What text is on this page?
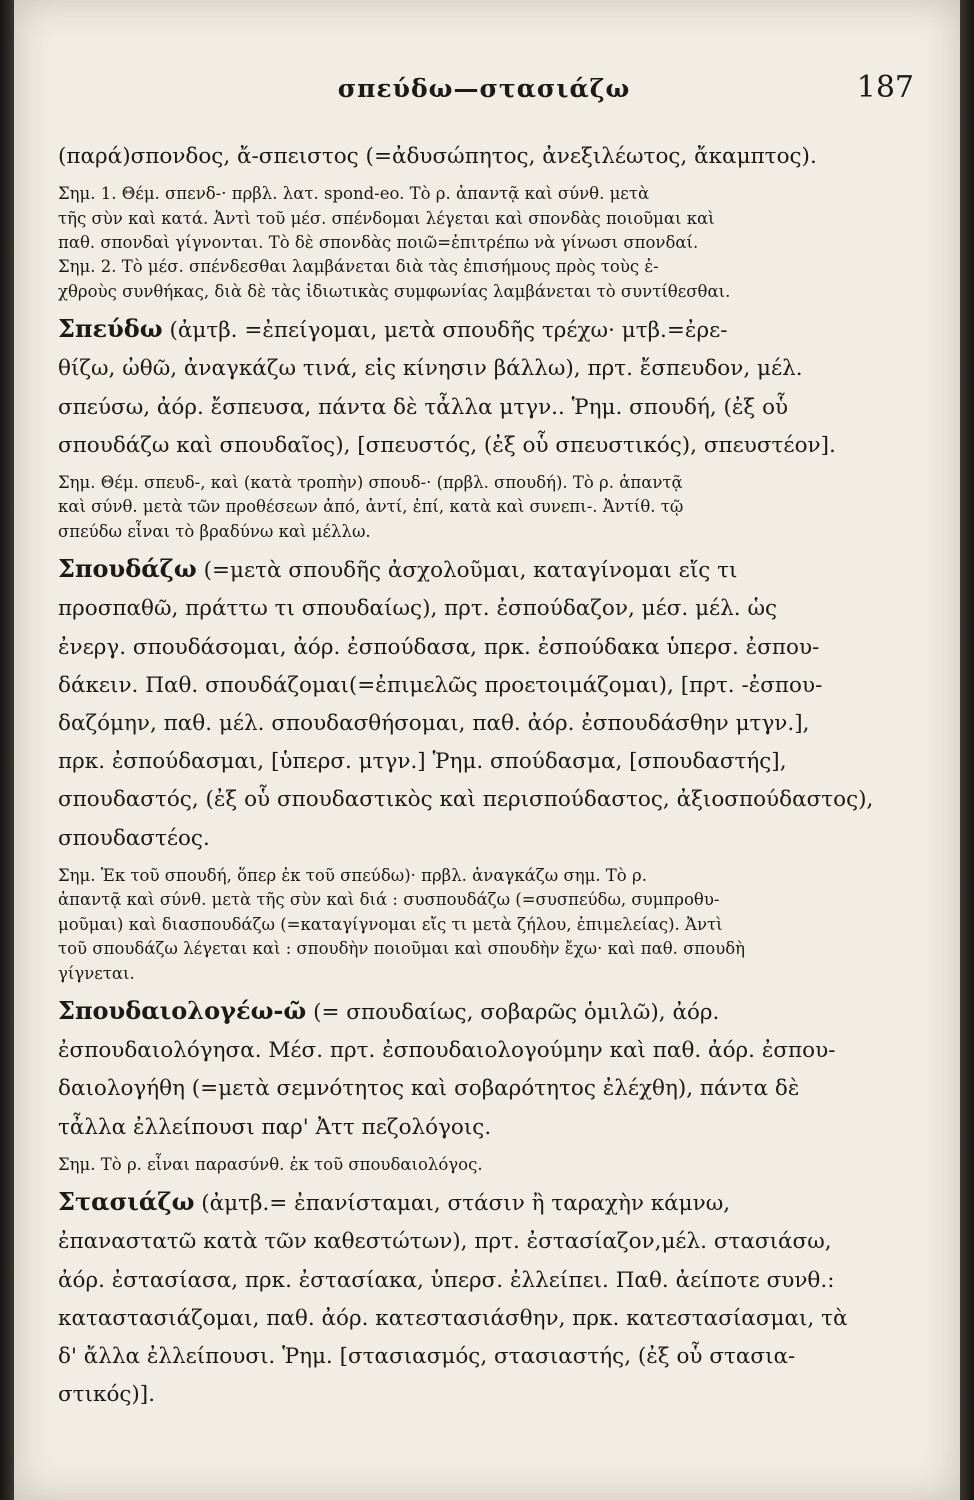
σπεύδω—στασιάζω	187
(παρά)σπονδος, ἄ-σπειστος (=ἀδυσώπητος, ἀνεξιλέωτος, ἄκαμπτος).
Σημ. 1. Θέμ. σπενδ-· πρβλ. λατ. spond-eo. Τὸ ρ. ἀπαντᾷ καὶ σύνθ. μετὰ
τῆς σὺν καὶ κατά. Ἀντὶ τοῦ μέσ. σπένδομαι λέγεται καὶ σπονδὰς ποιοῦμαι καὶ
παθ. σπονδαὶ γίγνονται. Τὸ δὲ σπονδὰς ποιῶ=ἐπιτρέπω νὰ γίνωσι σπονδαί.
Σημ. 2. Τὸ μέσ. σπένδεσθαι λαμβάνεται διὰ τὰς ἐπισήμους πρὸς τοὺς ἐ-
χθροὺς συνθήκας, διὰ δὲ τὰς ἰδιωτικὰς συμφωνίας λαμβάνεται τὸ συντίθεσθαι.
Σπεύδω (ἀμτβ. =ἐπείγομαι, μετὰ σπουδῆς τρέχω· μτβ.=ἐρε-
θίζω, ὠθῶ, ἀναγκάζω τινά, εἰς κίνησιν βάλλω), πρτ. ἔσπευδον, μέλ.
σπεύσω, ἀόρ. ἔσπευσα, πάντα δὲ τἆλλα μτγν.. Ῥημ. σπουδή, (ἐξ οὗ
σπουδάζω καὶ σπουδαῖος), [σπευστός, (ἐξ οὗ σπευστικός), σπευστέον].
Σημ. Θέμ. σπευδ-, καὶ (κατὰ τροπὴν) σπουδ-· (πρβλ. σπουδή). Τὸ ρ. ἀπαντᾷ
καὶ σύνθ. μετὰ τῶν προθέσεων ἀπό, ἀντί, ἐπί, κατὰ καὶ συνεπι-. Ἀντίθ. τῷ
σπεύδω εἶναι τὸ βραδύνω καὶ μέλλω.
Σπουδάζω (=μετὰ σπουδῆς ἀσχολοῦμαι, καταγίνομαι εἴς τι
προσπαθῶ, πράττω τι σπουδαίως), πρτ. ἐσπούδαζον, μέσ. μέλ. ὡς
ἐνεργ. σπουδάσομαι, ἀόρ. ἐσπούδασα, πρκ. ἐσπούδακα ὑπερσ. ἐσπου-
δάκειν. Παθ. σπουδάζομαι(=ἐπιμελῶς προετοιμάζομαι), [πρτ. -ἐσπου-
δαζόμην, παθ. μέλ. σπουδασθήσομαι, παθ. ἀόρ. ἐσπουδάσθην μτγν.],
πρκ. ἐσπούδασμαι, [ὑπερσ. μτγν.] Ῥημ. σπούδασμα, [σπουδαστής],
σπουδαστός, (ἐξ οὗ σπουδαστικὸς καὶ περισπούδαστος, ἀξιοσπούδαστος),
σπουδαστέος.
Σημ. Ἐκ τοῦ σπουδή, ὅπερ ἐκ τοῦ σπεύδω)· πρβλ. ἀναγκάζω σημ. Τὸ ρ.
ἀπαντᾷ καὶ σύνθ. μετὰ τῆς σὺν καὶ διά : συσπουδάζω (=συσπεύδω, συμπροθυ-
μοῦμαι) καὶ διασπουδάζω (=καταγίγνομαι εἴς τι μετὰ ζήλου, ἐπιμελείας). Ἀντὶ
τοῦ σπουδάζω λέγεται καὶ : σπουδὴν ποιοῦμαι καὶ σπουδὴν ἔχω· καὶ παθ. σπουδὴ
γίγνεται.
Σπουδαιολογέω-ῶ (= σπουδαίως, σοβαρῶς ὁμιλῶ), ἀόρ.
ἐσπουδαιολόγησα. Μέσ. πρτ. ἐσπουδαιολογούμην καὶ παθ. ἀόρ. ἐσπου-
δαιολογήθη (=μετὰ σεμνότητος καὶ σοβαρότητος ἐλέχθη), πάντα δὲ
τἆλλα ἐλλείπουσι παρ' Ἀττ πεζολόγοις.
Σημ. Τὸ ρ. εἶναι παρασύνθ. ἐκ τοῦ σπουδαιολόγος.
Στασιάζω (ἀμτβ.= ἐπανίσταμαι, στάσιν ἢ ταραχὴν κάμνω,
ἐπαναστατῶ κατὰ τῶν καθεστώτων), πρτ. ἐστασίαζον,μέλ. στασιάσω,
ἀόρ. ἐστασίασα, πρκ. ἐστασίακα, ὑπερσ. ἐλλείπει. Παθ. ἀείποτε συνθ.:
καταστασιάζομαι, παθ. ἀόρ. κατεστασιάσθην, πρκ. κατεστασίασμαι, τὰ
δ' ἄλλα ἐλλείπουσι. Ῥημ. [στασιασμός, στασιαστής, (ἐξ οὗ στασια-
στικός)].
